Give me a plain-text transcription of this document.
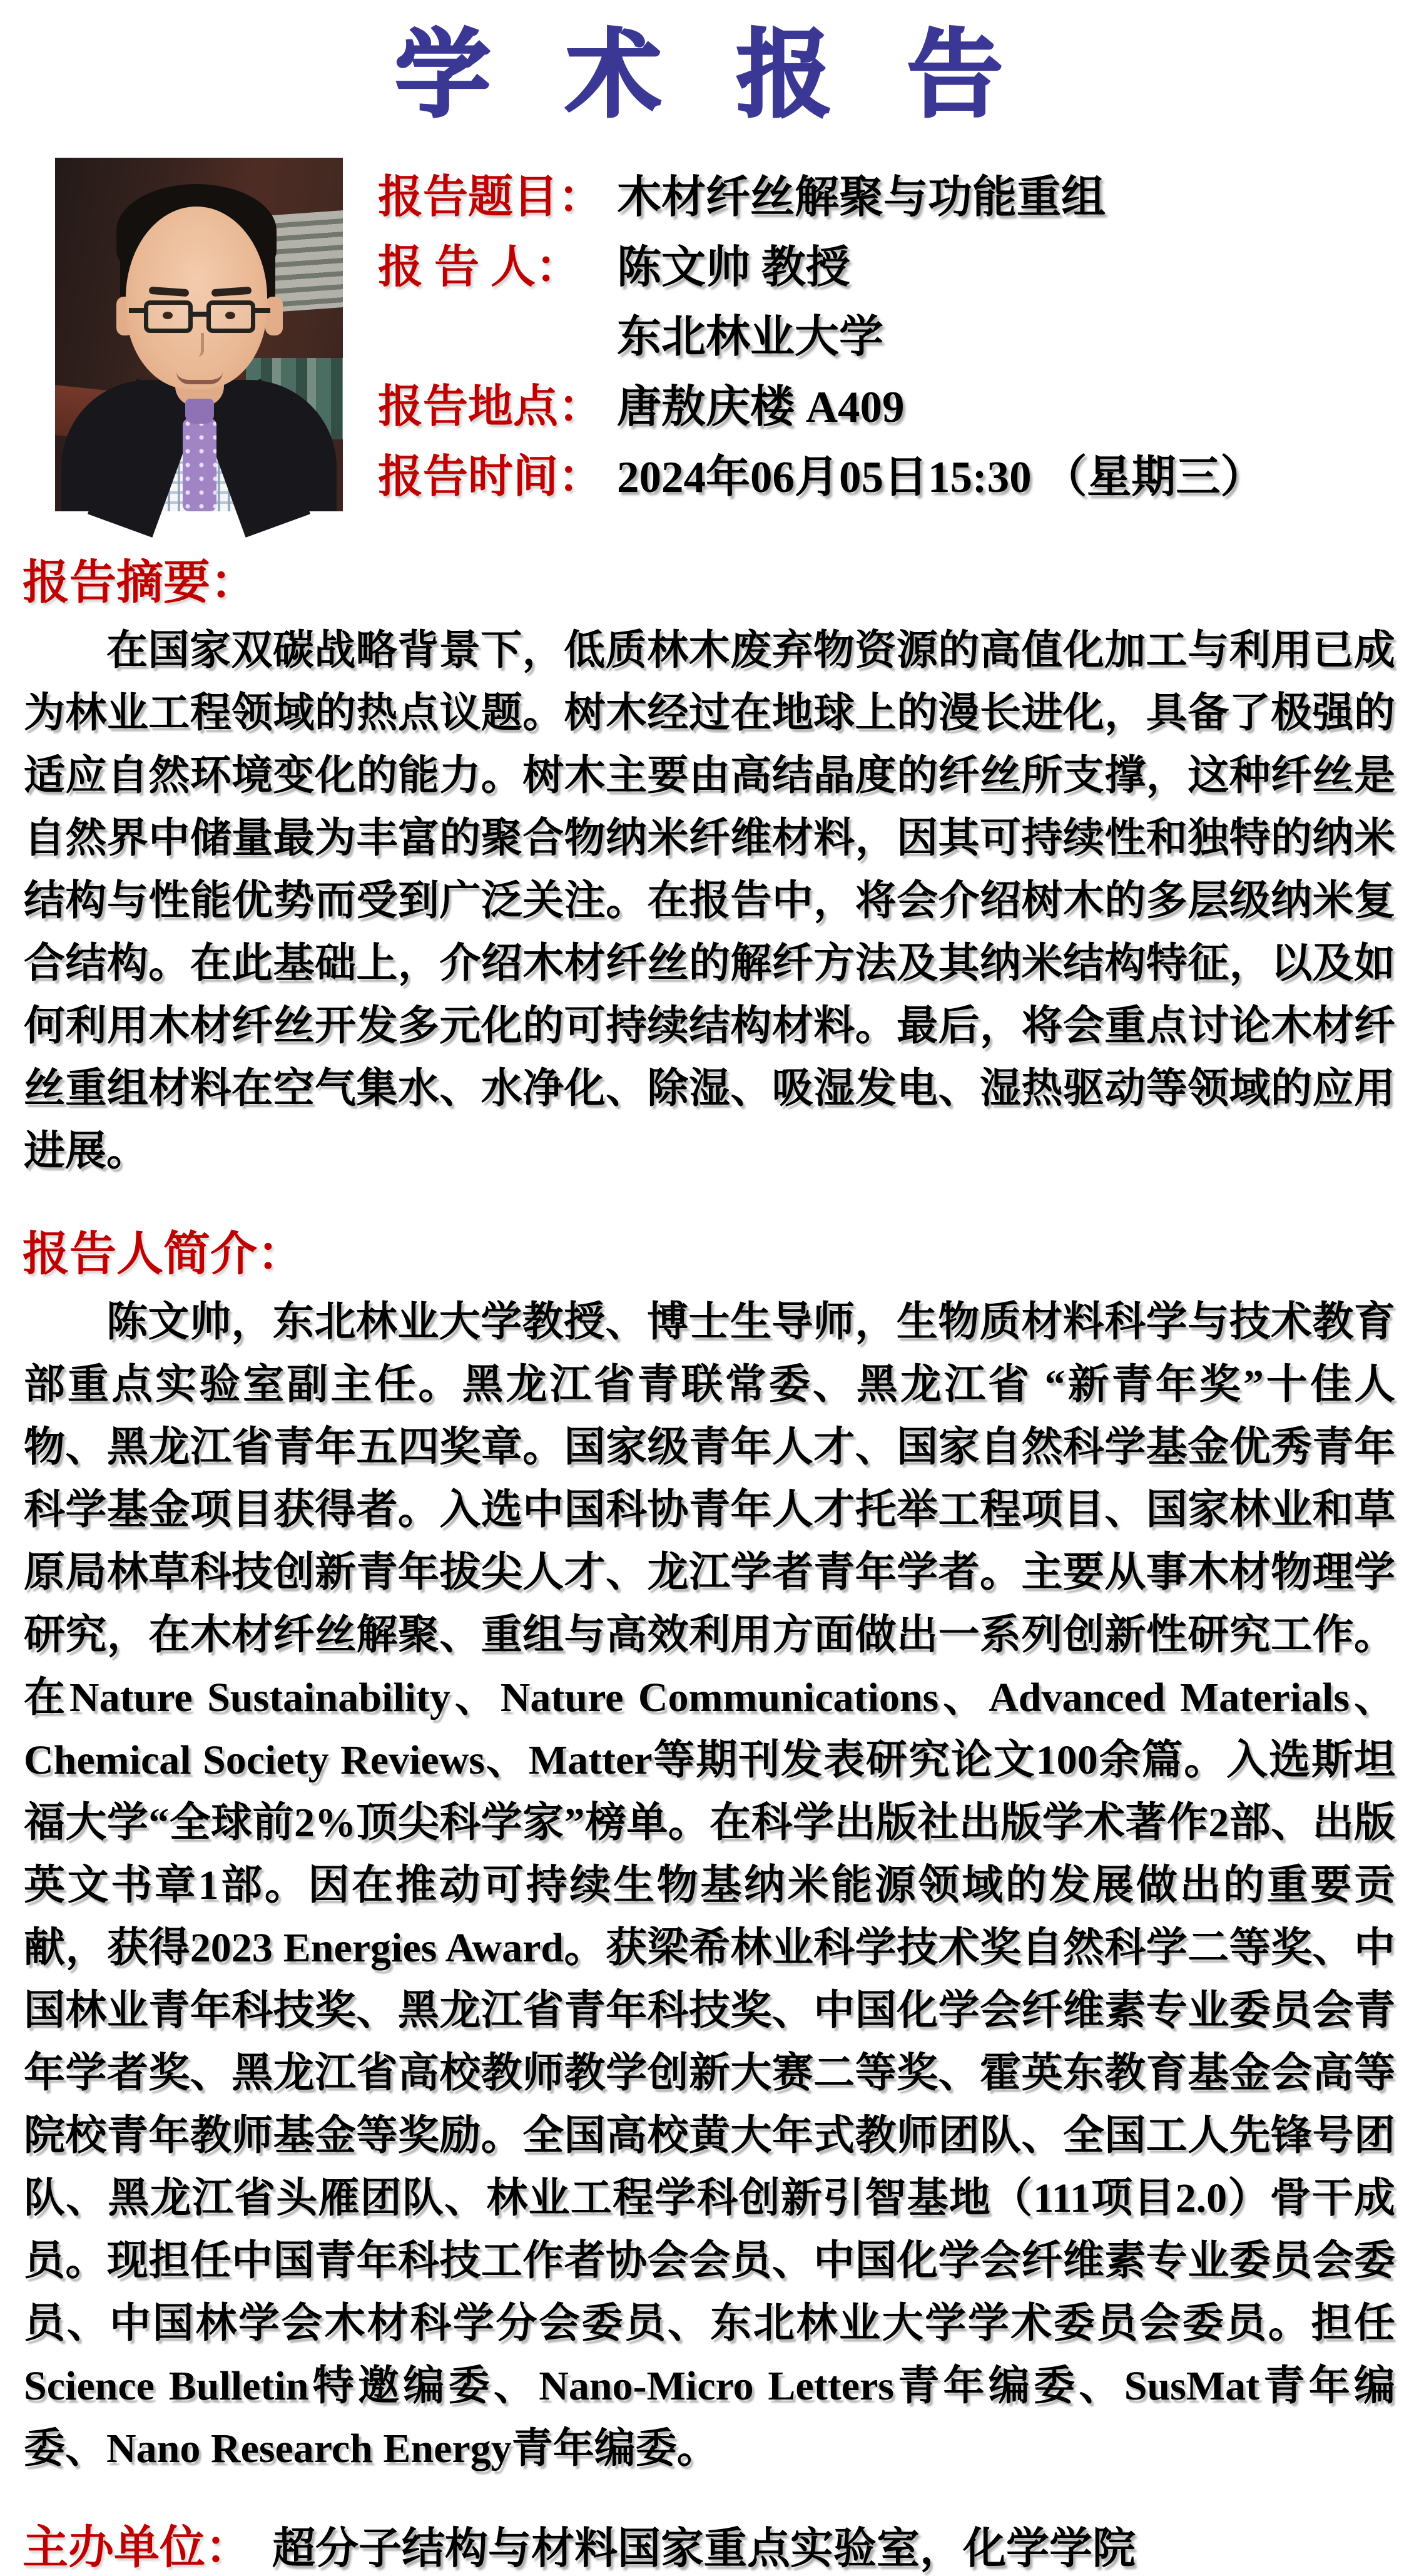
学 术 报 告
报告题目： 木材纤丝解聚与功能重组
报 告 人： 陈文帅 教授
东北林业大学
报告地点： 唐敖庆楼 A409
报告时间： 2024年06月05日15:30 （星期三）
报告摘要：
在国家双碳战略背景下，低质林木废弃物资源的高值化加工与利用已成为林业工程领域的热点议题。树木经过在地球上的漫长进化，具备了极强的适应自然环境变化的能力。树木主要由高结晶度的纤丝所支撑，这种纤丝是自然界中储量最为丰富的聚合物纳米纤维材料，因其可持续性和独特的纳米结构与性能优势而受到广泛关注。在报告中，将会介绍树木的多层级纳米复合结构。在此基础上，介绍木材纤丝的解纤方法及其纳米结构特征，以及如何利用木材纤丝开发多元化的可持续结构材料。最后，将会重点讨论木材纤丝重组材料在空气集水、水净化、除湿、吸湿发电、湿热驱动等领域的应用进展。
报告人简介：
陈文帅，东北林业大学教授、博士生导师，生物质材料科学与技术教育部重点实验室副主任。黑龙江省青联常委、黑龙江省 “新青年奖”十佳人物、黑龙江省青年五四奖章。国家级青年人才、国家自然科学基金优秀青年科学基金项目获得者。入选中国科协青年人才托举工程项目、国家林业和草原局林草科技创新青年拔尖人才、龙江学者青年学者。主要从事木材物理学研究，在木材纤丝解聚、重组与高效利用方面做出一系列创新性研究工作。在Nature Sustainability、Nature Communications、Advanced Materials、Chemical Society Reviews、Matter等期刊发表研究论文100余篇。入选斯坦福大学“全球前2%顶尖科学家”榜单。在科学出版社出版学术著作2部、出版英文书章1部。因在推动可持续生物基纳米能源领域的发展做出的重要贡献，获得2023 Energies Award。获梁希林业科学技术奖自然科学二等奖、中国林业青年科技奖、黑龙江省青年科技奖、中国化学会纤维素专业委员会青年学者奖、黑龙江省高校教师教学创新大赛二等奖、霍英东教育基金会高等院校青年教师基金等奖励。全国高校黄大年式教师团队、全国工人先锋号团队、黑龙江省头雁团队、林业工程学科创新引智基地（111项目2.0）骨干成员。现担任中国青年科技工作者协会会员、中国化学会纤维素专业委员会委员、中国林学会木材科学分会委员、东北林业大学学术委员会委员。担任Science Bulletin特邀编委、Nano-Micro Letters青年编委、SusMat青年编委、Nano Research Energy青年编委。
主办单位： 超分子结构与材料国家重点实验室，化学学院
